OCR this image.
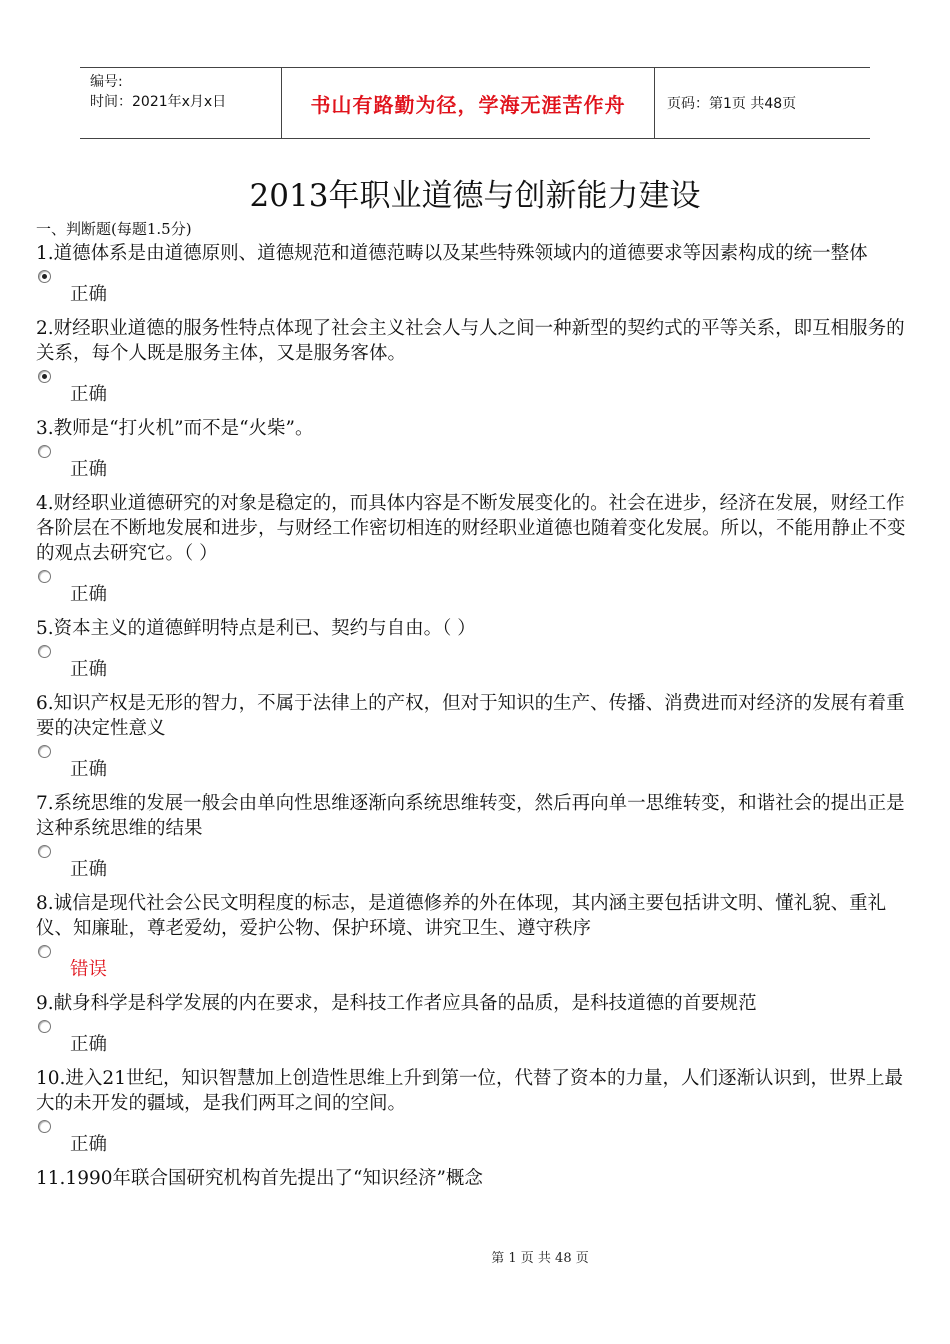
编号:
时间：2021年x月x日	书山有路勤为径，学海无涯苦作舟	页码：第1页 共48页
2013年职业道德与创新能力建设
一、判断题(每题1.5分)

1.道德体系是由道德原则、道德规范和道德范畴以及某些特殊领域内的道德要求等因素构成的统一整体

正确

2.财经职业道德的服务性特点体现了社会主义社会人与人之间一种新型的契约式的平等关系，即互相服务的关系，每个人既是服务主体，又是服务客体。

正确

3.教师是“打火机”而不是“火柴”。

正确

4.财经职业道德研究的对象是稳定的，而具体内容是不断发展变化的。社会在进步，经济在发展，财经工作各阶层在不断地发展和进步，与财经工作密切相连的财经职业道德也随着变化发展。所以，不能用静止不变的观点去研究它。（ ）

正确

5.资本主义的道德鲜明特点是利已、契约与自由。（ ）

正确

6.知识产权是无形的智力，不属于法律上的产权，但对于知识的生产、传播、消费进而对经济的发展有着重要的决定性意义

正确

7.系统思维的发展一般会由单向性思维逐渐向系统思维转变，然后再向单一思维转变，和谐社会的提出正是这种系统思维的结果

正确

8.诚信是现代社会公民文明程度的标志，是道德修养的外在体现，其内涵主要包括讲文明、懂礼貌、重礼仪、知廉耻，尊老爱幼，爱护公物、保护环境、讲究卫生、遵守秩序

错误

9.献身科学是科学发展的内在要求，是科技工作者应具备的品质，是科技道德的首要规范

正确

10.进入21世纪，知识智慧加上创造性思维上升到第一位，代替了资本的力量，人们逐渐认识到，世界上最大的未开发的疆域，是我们两耳之间的空间。

正确

11.1990年联合国研究机构首先提出了“知识经济”概念

第 1 页 共 48 页
